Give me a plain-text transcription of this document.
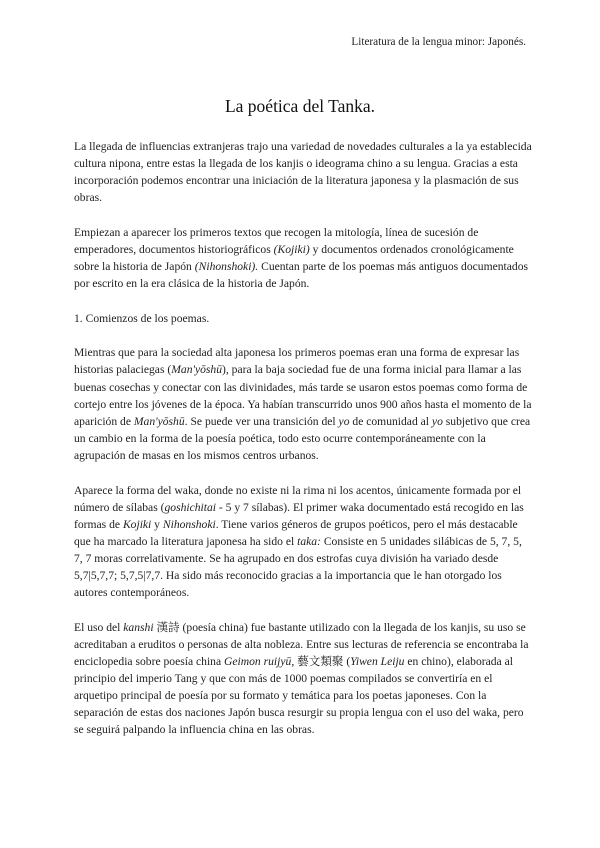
Literatura de la lengua minor: Japonés.
La poética del Tanka.

La llegada de influencias extranjeras trajo una variedad de novedades culturales a la ya establecida cultura nipona, entre estas la llegada de los kanjis o ideograma chino a su lengua. Gracias a esta incorporación podemos encontrar una iniciación de la literatura japonesa y la plasmación de sus obras.

Empiezan a aparecer los primeros textos que recogen la mitología, línea de sucesión de emperadores, documentos historiográficos (Kojiki) y documentos ordenados cronológicamente sobre la historia de Japón (Nihonshoki). Cuentan parte de los poemas más antiguos documentados por escrito en la era clásica de la historia de Japón.

1. Comienzos de los poemas.

Mientras que para la sociedad alta japonesa los primeros poemas eran una forma de expresar las historias palaciegas (Man'yōshū), para la baja sociedad fue de una forma inicial para llamar a las buenas cosechas y conectar con las divinidades, más tarde se usaron estos poemas como forma de cortejo entre los jóvenes de la época. Ya habían transcurrido unos 900 años hasta el momento de la aparición de Man'yōshū. Se puede ver una transición del yo de comunidad al yo subjetivo que crea un cambio en la forma de la poesía poética, todo esto ocurre contemporáneamente con la agrupación de masas en los mismos centros urbanos.

Aparece la forma del waka, donde no existe ni la rima ni los acentos, únicamente formada por el número de sílabas (goshichitai - 5 y 7 sílabas). El primer waka documentado está recogido en las formas de Kojiki y Nihonshoki. Tiene varios géneros de grupos poéticos, pero el más destacable que ha marcado la literatura japonesa ha sido el taka: Consiste en 5 unidades silábicas de 5, 7, 5, 7, 7 moras correlativamente. Se ha agrupado en dos estrofas cuya división ha variado desde 5,7|5,7,7; 5,7,5|7,7. Ha sido más reconocido gracias a la importancia que le han otorgado los autores contemporáneos.

El uso del kanshi 漢詩 (poesía china) fue bastante utilizado con la llegada de los kanjis, su uso se acreditaban a eruditos o personas de alta nobleza. Entre sus lecturas de referencia se encontraba la enciclopedia sobre poesía china Geimon ruijyū, 藝文類聚 (Yiwen Leiju en chino), elaborada al principio del imperio Tang y que con más de 1000 poemas compilados se convertiría en el arquetipo principal de poesía por su formato y temática para los poetas japoneses. Con la separación de estas dos naciones Japón busca resurgir su propia lengua con el uso del waka, pero se seguirá palpando la influencia china en las obras.
